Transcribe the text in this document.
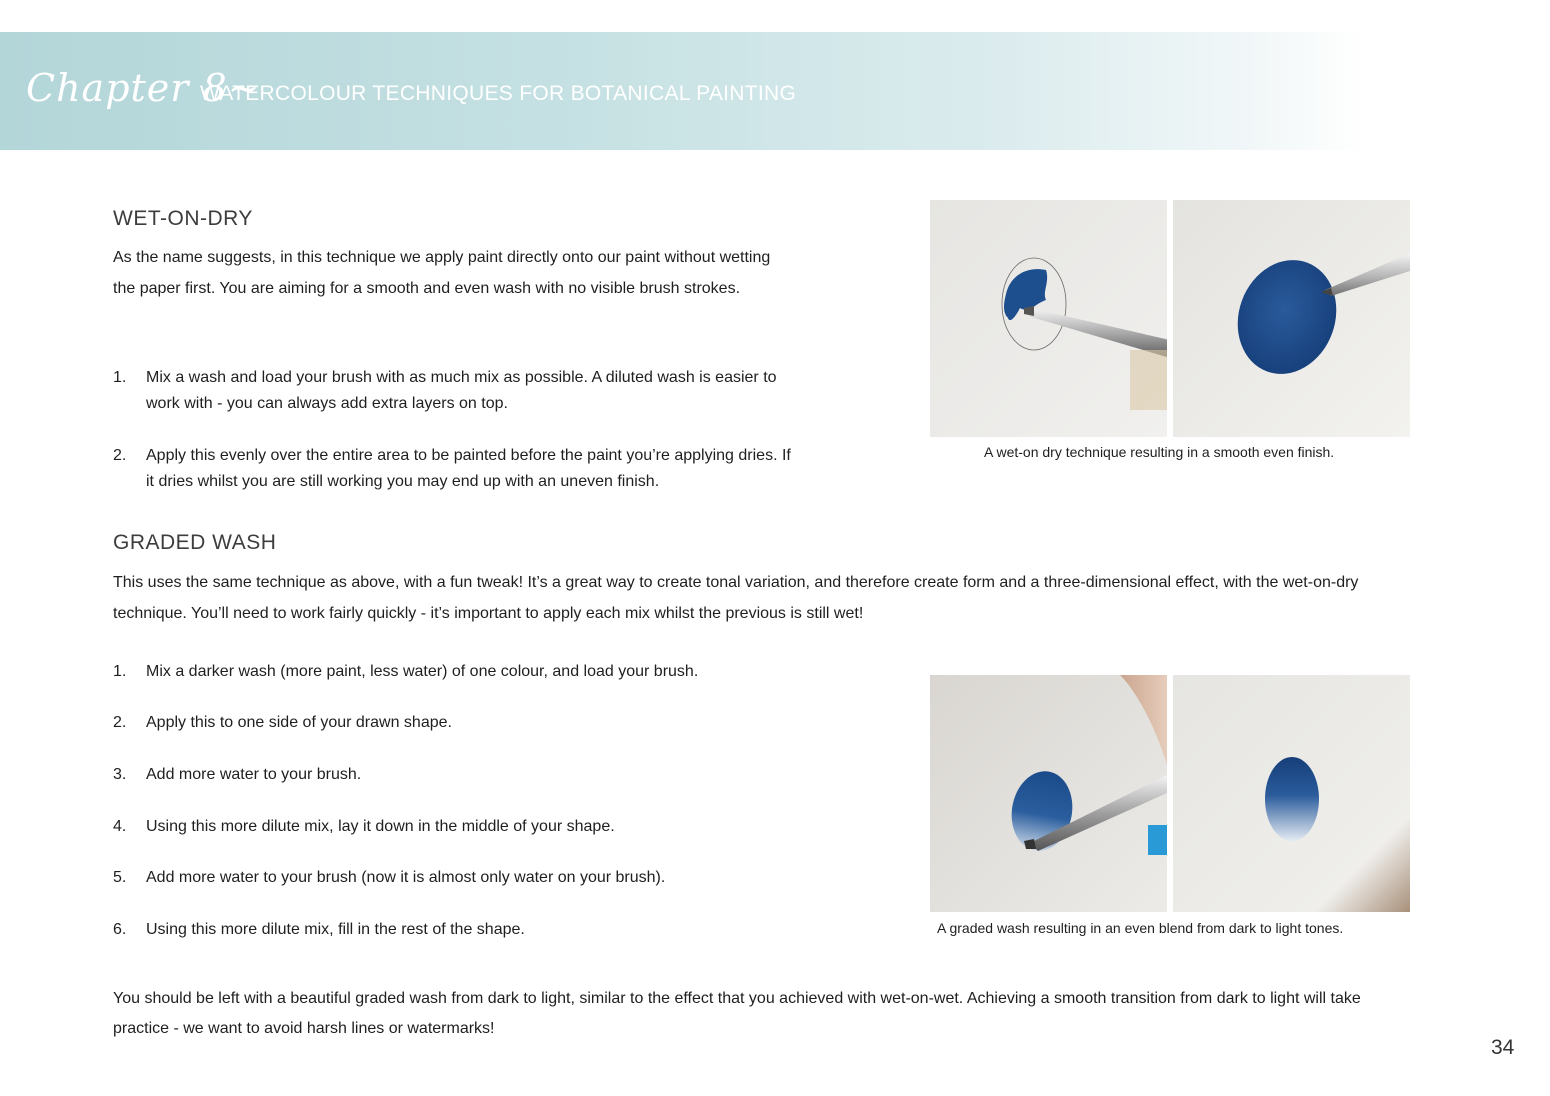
Chapter 8~
WATERCOLOUR TECHNIQUES FOR BOTANICAL PAINTING
WET-ON-DRY

As the name suggests, in this technique we apply paint directly onto our paint without wetting the paper first. You are aiming for a smooth and even wash with no visible brush strokes.

1.	Mix a wash and load your brush with as much mix as possible. A diluted wash is easier to work with - you can always add extra layers on top.
2.	Apply this evenly over the entire area to be painted before the paint you’re applying dries. If it dries whilst you are still working you may end up with an uneven finish.
A wet-on dry technique resulting in a smooth even finish.
GRADED WASH

This uses the same technique as above, with a fun tweak! It’s a great way to create tonal variation, and therefore create form and a three-dimensional effect, with the wet-on-dry technique. You’ll need to work fairly quickly - it’s important to apply each mix whilst the previous is still wet!

1.	Mix a darker wash (more paint, less water) of one colour, and load your brush.
2.	Apply this to one side of your drawn shape.
3.	Add more water to your brush.
4.	Using this more dilute mix, lay it down in the middle of your shape.
5.	Add more water to your brush (now it is almost only water on your brush).
6.	Using this more dilute mix, fill in the rest of the shape.	A graded wash resulting in an even blend from dark to light tones.

You should be left with a beautiful graded wash from dark to light, similar to the effect that you achieved with wet-on-wet. Achieving a smooth transition from dark to light will take practice - we want to avoid harsh lines or watermarks!

34
